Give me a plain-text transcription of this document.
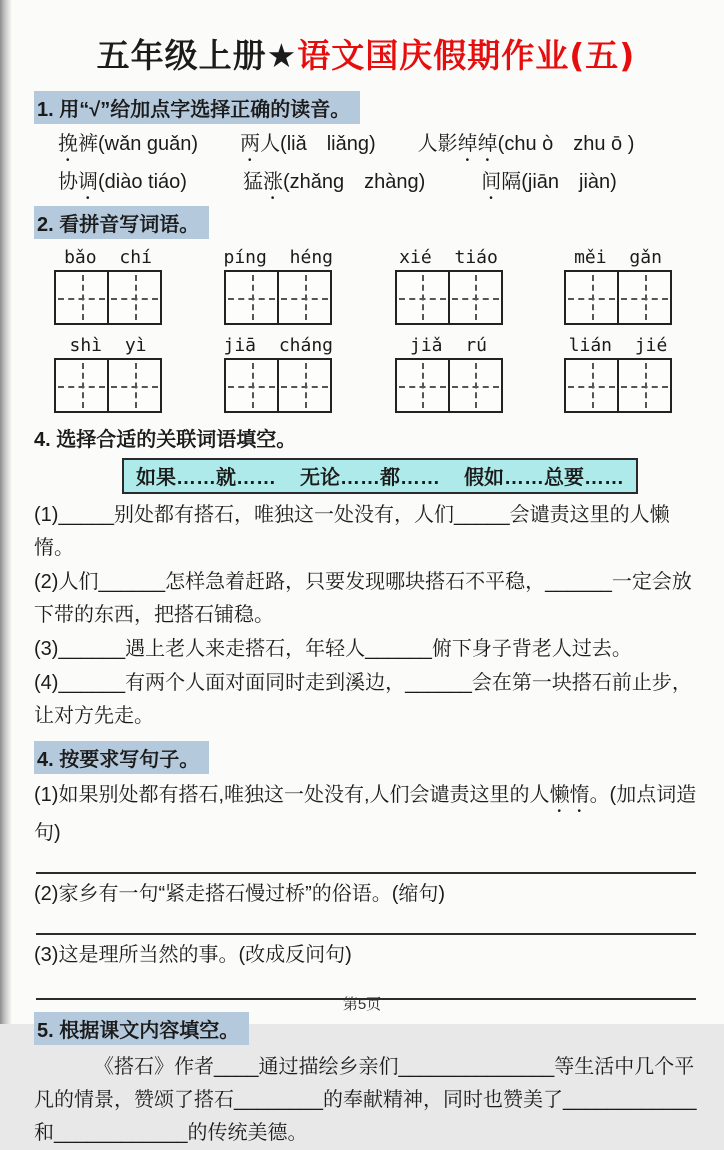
五年级上册★语文国庆假期作业(五)
1. 用“√”给加点字选择正确的读音。
挽裤(wǎn guǎn) 两人(liǎ　liǎng) 人影绰绰(chu ò　zhu ō )
协调(diào tiáo)	猛涨(zhǎng　zhàng)	间隔(jiān　jiàn)
2. 看拼音写词语。
bǎo chí	píng héng	xié tiáo	měi gǎn
shì yì	jiā cháng	jiǎ rú	lián jié
4. 选择合适的关联词语填空。
如果……就…… 无论……都…… 假如……总要……
(1)_____别处都有搭石，唯独这一处没有，人们_____会谴责这里的人懒惰。
(2)人们______怎样急着赶路，只要发现哪块搭石不平稳，______一定会放下带的东西，把搭石铺稳。
(3)______遇上老人来走搭石，年轻人______俯下身子背老人过去。
(4)______有两个人面对面同时走到溪边，______会在第一块搭石前止步，让对方先走。
4. 按要求写句子。
(1)如果别处都有搭石,唯独这一处没有,人们会谴责这里的人懒惰。(加点词造句)
(2)家乡有一句“紧走搭石慢过桥”的俗语。(缩句)
(3)这是理所当然的事。(改成反问句)
5. 根据课文内容填空。
《搭石》作者____通过描绘乡亲们______________等生活中几个平凡的情景，赞颂了搭石________的奉献精神，同时也赞美了____________和____________的传统美德。
第5页
